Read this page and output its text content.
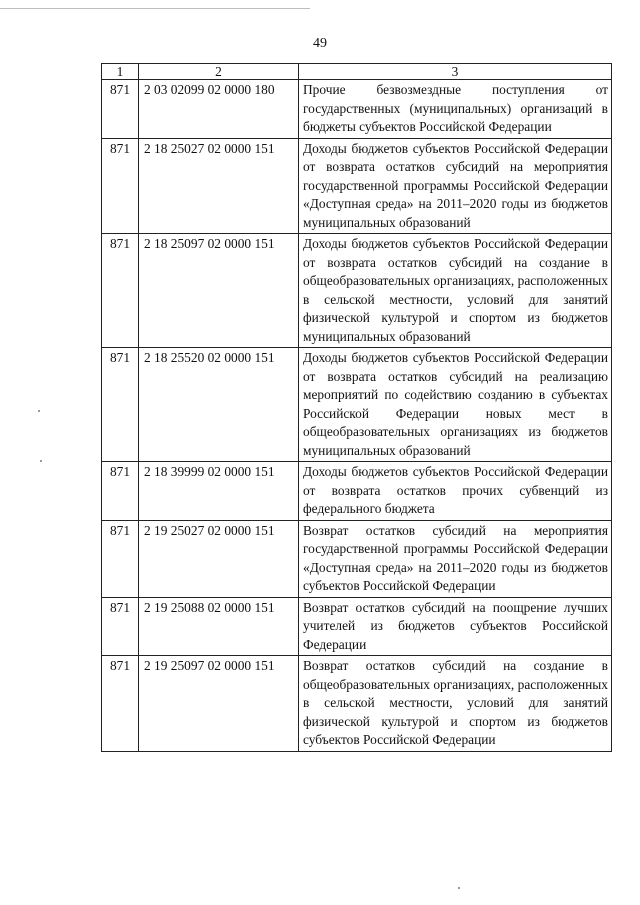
49
1	2	3
871	2 03 02099 02 0000 180	Прочие безвозмездные поступления от государственных (муниципальных) организаций в бюджеты субъектов Российской Федерации
871	2 18 25027 02 0000 151	Доходы бюджетов субъектов Российской Федерации от возврата остатков субсидий на мероприятия государственной программы Российской Федерации «Доступная среда» на 2011–2020 годы из бюджетов муниципальных образований
871	2 18 25097 02 0000 151	Доходы бюджетов субъектов Российской Федерации от возврата остатков субсидий на создание в общеобразовательных организациях, расположенных в сельской местности, условий для занятий физической культурой и спортом из бюджетов муниципальных образований
871	2 18 25520 02 0000 151	Доходы бюджетов субъектов Российской Федерации от возврата остатков субсидий на реализацию мероприятий по содействию созданию в субъектах Российской Федерации новых мест в общеобразовательных организациях из бюджетов муниципальных образований
871	2 18 39999 02 0000 151	Доходы бюджетов субъектов Российской Федерации от возврата остатков прочих субвенций из федерального бюджета
871	2 19 25027 02 0000 151	Возврат остатков субсидий на мероприятия государственной программы Российской Федерации «Доступная среда» на 2011–2020 годы из бюджетов субъектов Российской Федерации
871	2 19 25088 02 0000 151	Возврат остатков субсидий на поощрение лучших учителей из бюджетов субъектов Российской Федерации
871	2 19 25097 02 0000 151	Возврат остатков субсидий на создание в общеобразовательных организациях, расположенных в сельской местности, условий для занятий физической культурой и спортом из бюджетов субъектов Российской Федерации
